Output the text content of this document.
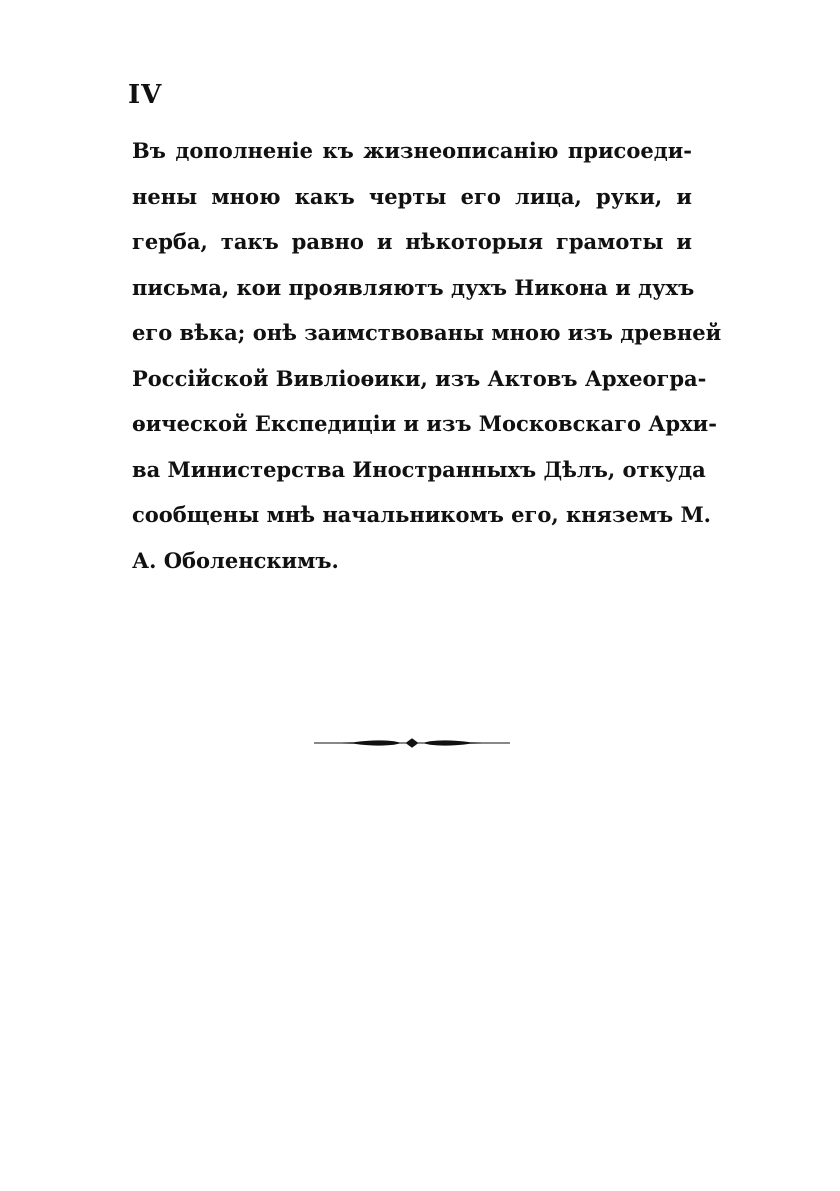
IV
Въ дополненіе къ жизнеописанію присоеди-
нены мною какъ черты его лица, руки, и
герба, такъ равно и нѣкоторыя грамоты и
письма, кои проявляютъ духъ Никона и духъ
его вѣка; онѣ заимствованы мною изъ древней
Россійской Вивліоѳики, изъ Актовъ Археогра-
ѳической Експедиціи и изъ Московскаго Архи-
ва Министерства Иностранныхъ Дѣлъ, откуда
сообщены мнѣ начальникомъ его, княземъ М.
А. Оболенскимъ.
